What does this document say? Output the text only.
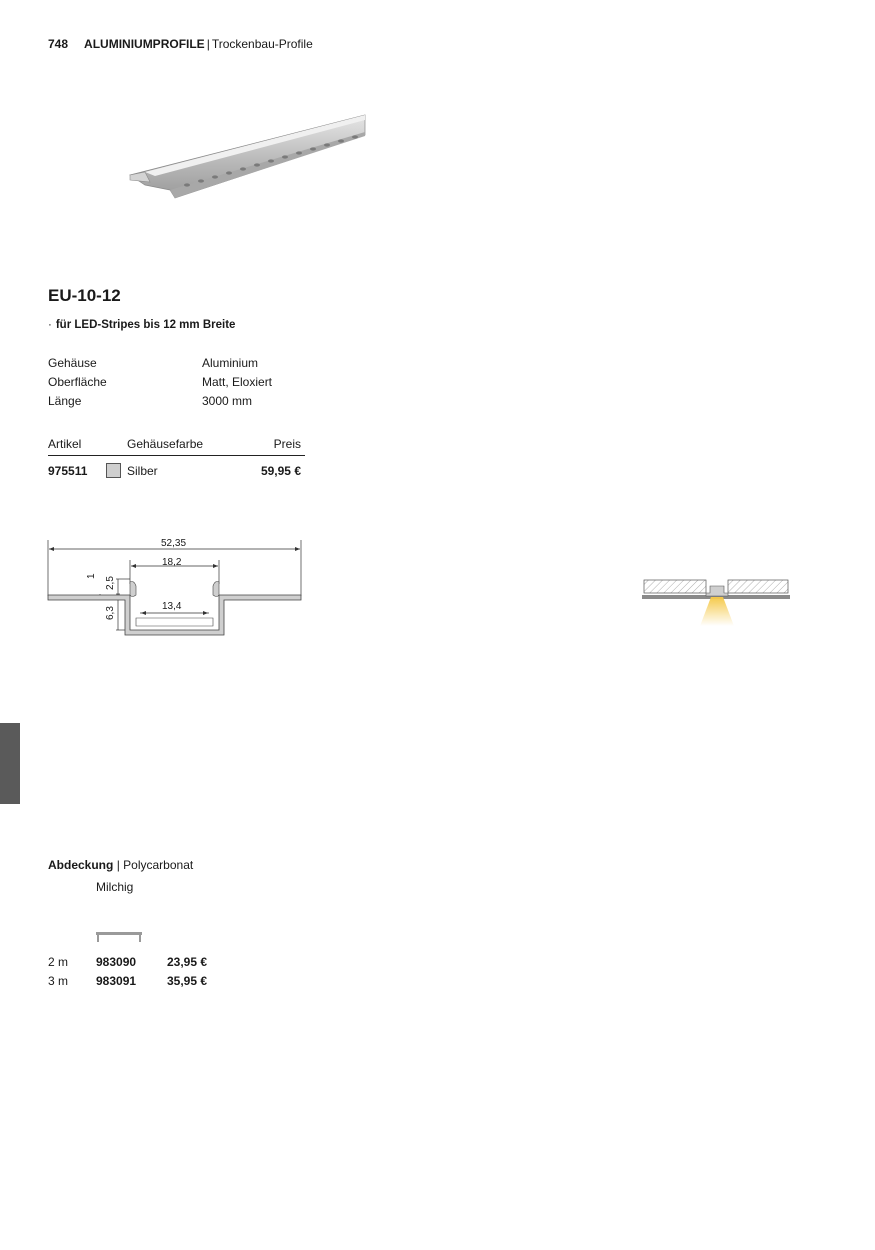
748 ALUMINIUMPROFILE | Trockenbau-Profile
EU-10-12
· für LED-Stripes bis 12 mm Breite
Gehäuse	Aluminium
Oberfläche	Matt, Eloxiert
Länge	3000 mm
Artikel	Gehäusefarbe	Preis
975511	Silber	59,95 €
52,35
18,2
13,4
1 2,5
6,3
Abdeckung | Polycarbonat
Milchig
2 m 983090	23,95 €
3 m 983091	35,95 €
